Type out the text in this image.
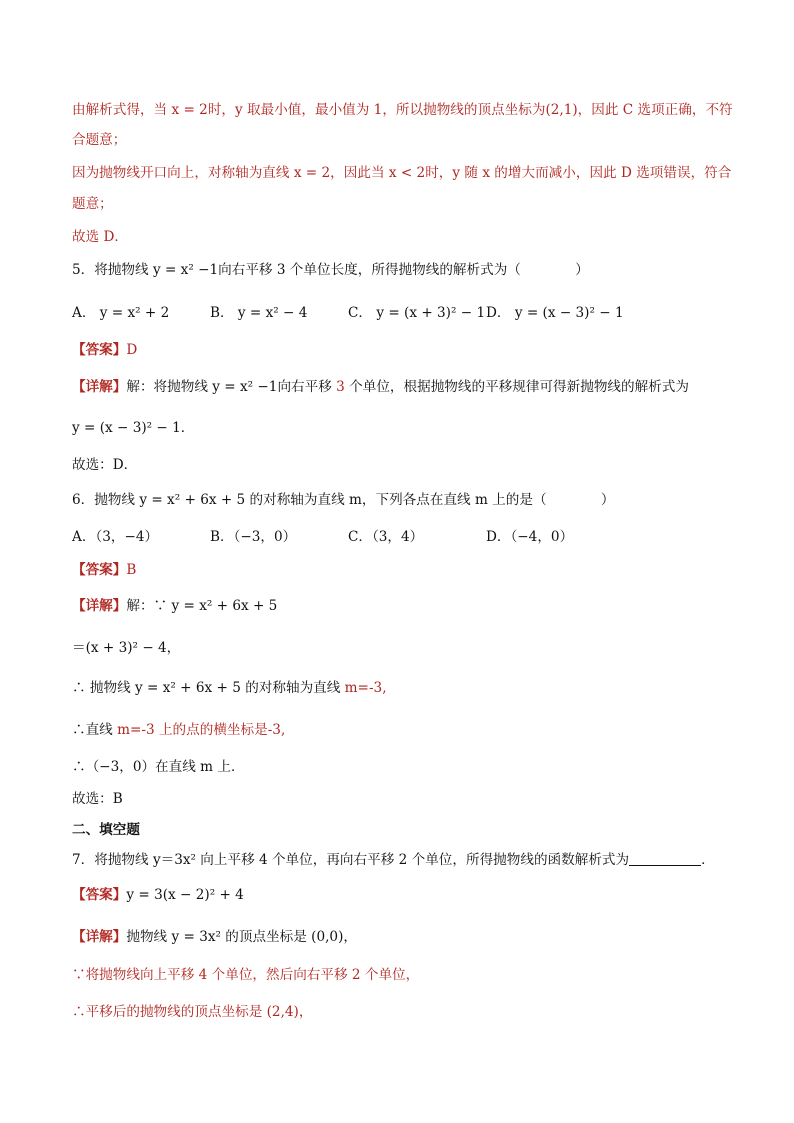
由解析式得，当 x = 2时，y 取最小值，最小值为 1，所以抛物线的顶点坐标为(2,1)，因此 C 选项正确，不符
合题意；
因为抛物线开口向上，对称轴为直线 x = 2，因此当 x < 2时，y 随 x 的增大而减小，因此 D 选项错误，符合
题意；
故选 D．
5．将抛物线 y = x² −1向右平移 3 个单位长度，所得抛物线的解析式为（　　　　）
A． y = x² + 2	B． y = x² − 4	C． y = (x + 3)² − 1D． y = (x − 3)² − 1
【答案】D
【详解】解：将抛物线 y = x² −1向右平移 3 个单位，根据抛物线的平移规律可得新抛物线的解析式为
y = (x − 3)² − 1．
故选：D．
6．抛物线 y = x² + 6x + 5 的对称轴为直线 m，下列各点在直线 m 上的是（　　　　）
A．（3，−4）	B．（−3，0）	C．（3，4）	D．（−4，0）
【答案】B
【详解】解：∵ y = x² + 6x + 5
＝(x + 3)² − 4，
∴ 抛物线 y = x² + 6x + 5 的对称轴为直线 m=-3,
∴直线 m=-3 上的点的横坐标是-3,
∴（−3，0）在直线 m 上．
故选：B
二、填空题
7．将抛物线 y＝3x² 向上平移 4 个单位，再向右平移 2 个单位，所得抛物线的函数解析式为	．
【答案】y = 3(x − 2)² + 4
【详解】抛物线 y = 3x² 的顶点坐标是 (0,0)，
∵将抛物线向上平移 4 个单位，然后向右平移 2 个单位，
∴平移后的抛物线的顶点坐标是 (2,4)，
